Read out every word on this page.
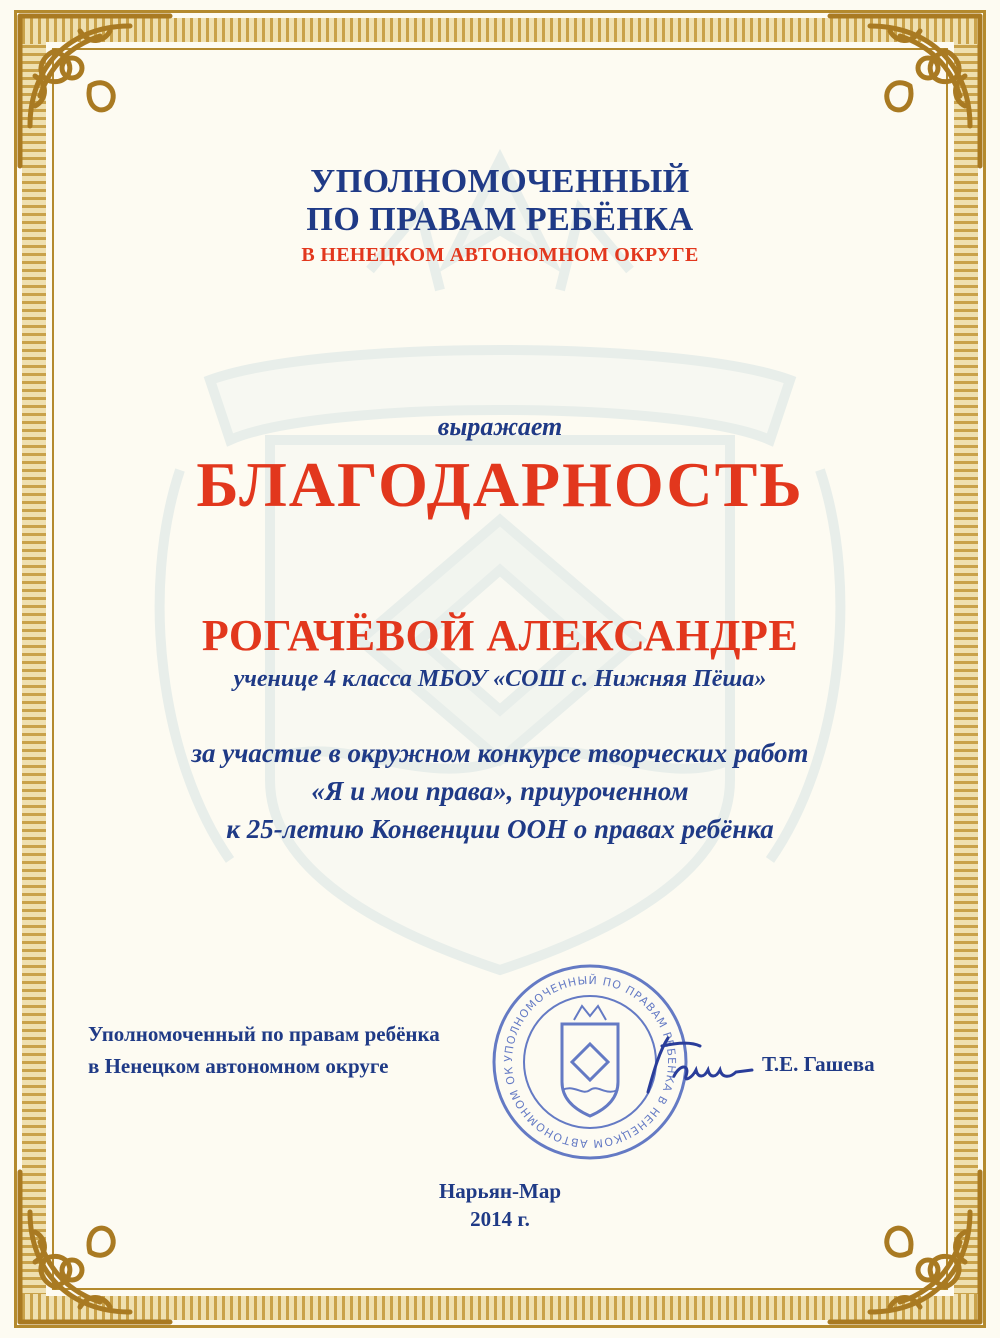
УПОЛНОМОЧЕННЫЙ
ПО ПРАВАМ РЕБЁНКА
В НЕНЕЦКОМ АВТОНОМНОМ ОКРУГЕ
выражает
БЛАГОДАРНОСТЬ
РОГАЧЁВОЙ АЛЕКСАНДРЕ
ученице 4 класса МБОУ «СОШ с. Нижняя Пёша»
за участие в окружном конкурсе творческих работ
«Я и мои права», приуроченном
к 25-летию Конвенции ООН о правах ребёнка
УПОЛНОМОЧЕННЫЙ ПО ПРАВАМ РЕБЕНКА В НЕНЕЦКОМ АВТОНОМНОМ ОК
Уполномоченный по правам ребёнка
в Ненецком автономном округе	Т.Е. Гашева
Нарьян-Мар
2014 г.
